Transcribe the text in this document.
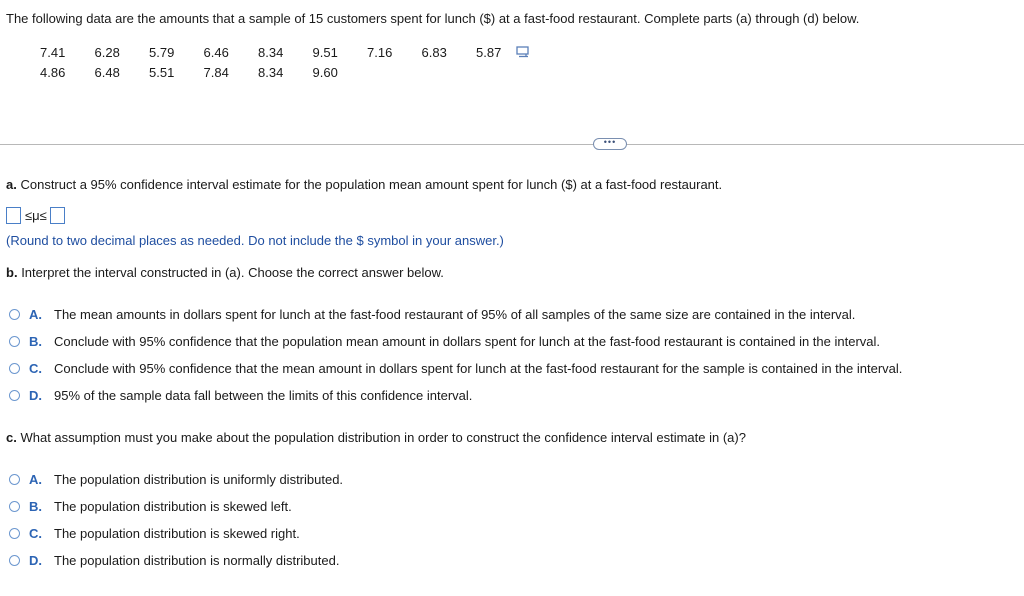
The following data are the amounts that a sample of 15 customers spent for lunch ($) at a fast-food restaurant. Complete parts (a) through (d) below.
7.41	6.28	5.79	6.46	8.34	9.51	7.16	6.83	5.87
4.86	6.48	5.51	7.84	8.34	9.60
•••
a. Construct a 95% confidence interval estimate for the population mean amount spent for lunch ($) at a fast-food restaurant.
≤μ≤
(Round to two decimal places as needed. Do not include the $ symbol in your answer.)
b. Interpret the interval constructed in (a). Choose the correct answer below.
A. The mean amounts in dollars spent for lunch at the fast-food restaurant of 95% of all samples of the same size are contained in the interval.
B. Conclude with 95% confidence that the population mean amount in dollars spent for lunch at the fast-food restaurant is contained in the interval.
C. Conclude with 95% confidence that the mean amount in dollars spent for lunch at the fast-food restaurant for the sample is contained in the interval.
D. 95% of the sample data fall between the limits of this confidence interval.
c. What assumption must you make about the population distribution in order to construct the confidence interval estimate in (a)?
A. The population distribution is uniformly distributed.
B. The population distribution is skewed left.
C. The population distribution is skewed right.
D. The population distribution is normally distributed.
